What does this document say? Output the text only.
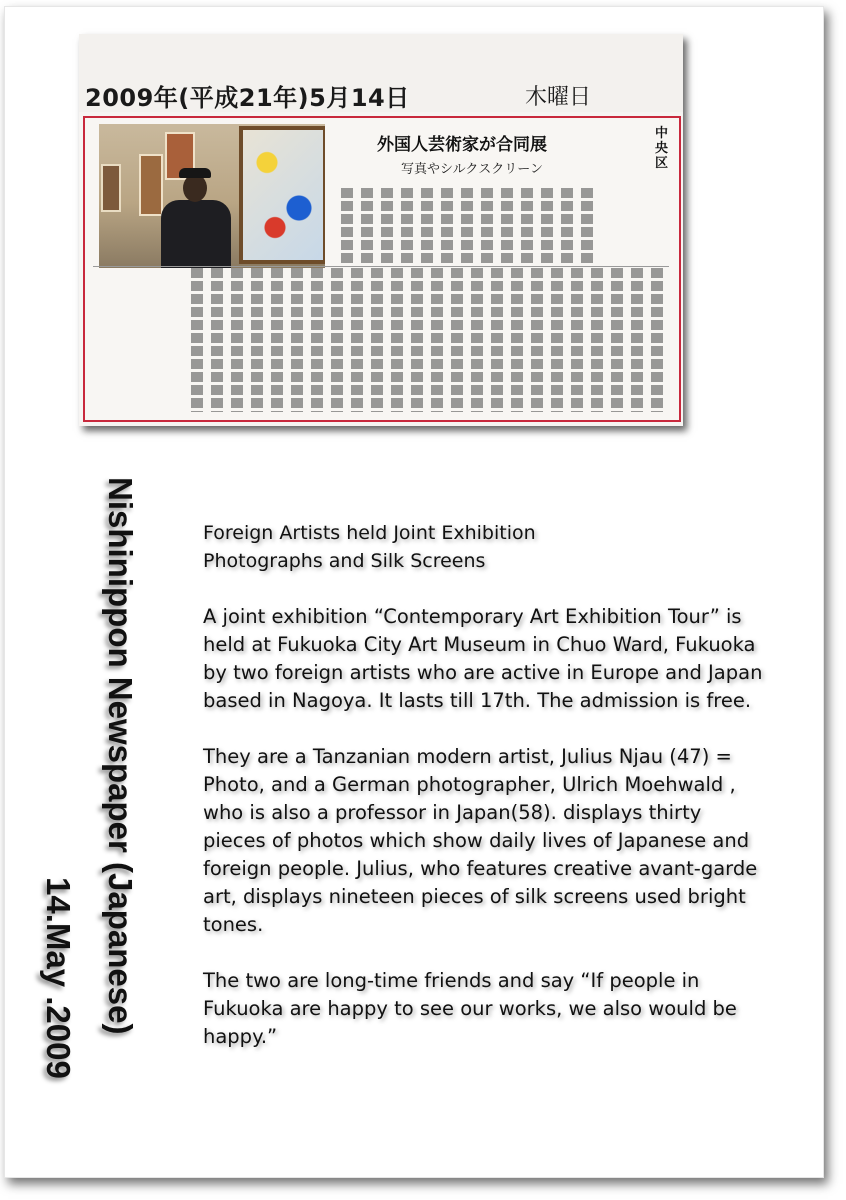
2009年(平成21年)5月14日	木曜日
外国人芸術家が合同展
写真やシルクスクリーン
中央区
Nishinippon Newspaper (Japanese)
14.May .2009
Foreign Artists held Joint Exhibition
Photographs and Silk Screens

A joint exhibition “Contemporary Art Exhibition Tour” is held at Fukuoka City Art Museum in Chuo Ward, Fukuoka by two foreign artists who are active in Europe and Japan based in Nagoya. It lasts till 17th. The admission is free.

They are a Tanzanian modern artist, Julius Njau (47) = Photo, and a German photographer, Ulrich Moehwald , who is also a professor in Japan(58). displays thirty pieces of photos which show daily lives of Japanese and foreign people. Julius, who features creative avant-garde art, displays nineteen pieces of silk screens used bright tones.

The two are long-time friends and say “If people in Fukuoka are happy to see our works, we also would be happy.”
